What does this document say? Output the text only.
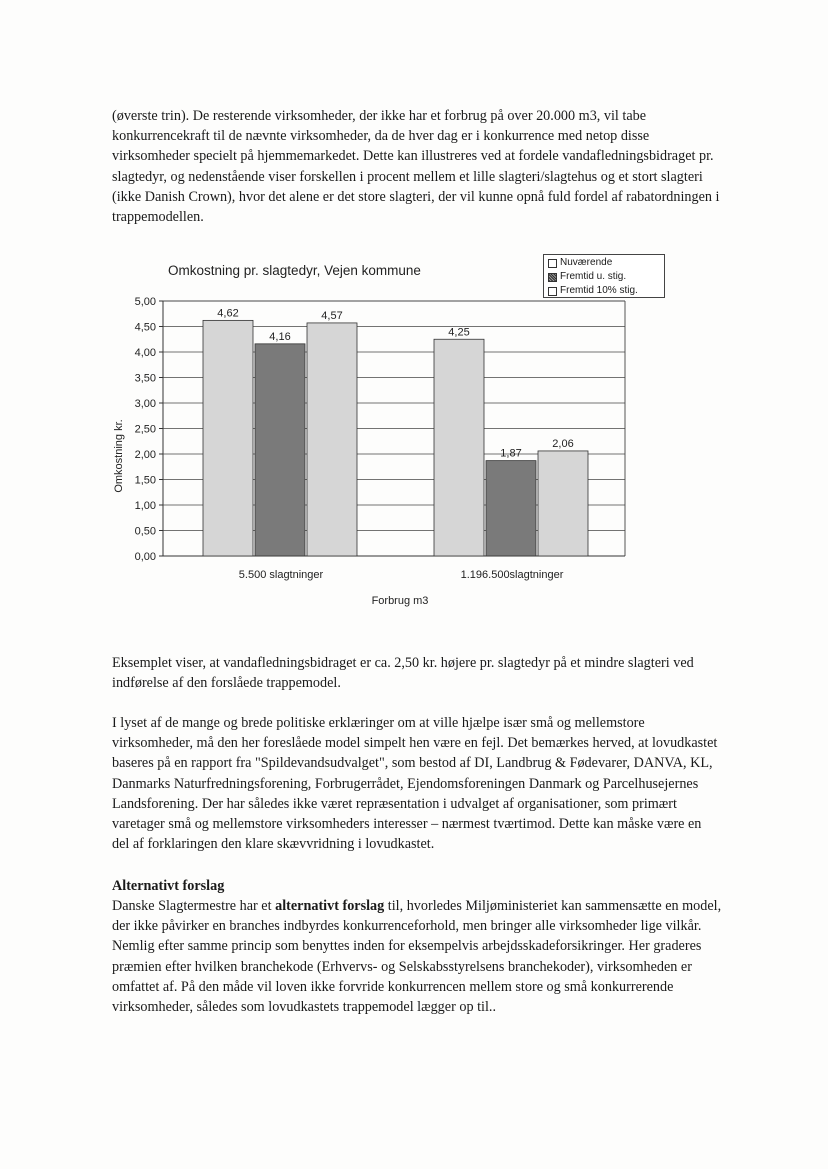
(øverste trin). De resterende virksomheder, der ikke har et forbrug på over 20.000 m3, vil tabe konkurrencekraft til de nævnte virksomheder, da de hver dag er i konkurrence med netop disse virksomheder specielt på hjemmemarkedet. Dette kan illustreres ved at fordele vandafledningsbidraget pr. slagtedyr, og nedenstående viser forskellen i procent mellem et lille slagteri/slagtehus og et stort slagteri (ikke Danish Crown), hvor det alene er det store slagteri, der vil kunne opnå fuld fordel af rabatordningen i trappemodellen.

0,00
0,50
1,00
1,50
2,00
2,50
3,00
3,50
4,00
4,50
5,00
4,62
4,16
4,57
4,25
1,87
2,06
5.500 slagtninger	1.196.500slagtninger
Omkostning pr. slagtedyr, Vejen kommune
Forbrug m3
Omkostning kr.
Nuværende
Fremtid u. stig.
Fremtid 10% stig.

Eksemplet viser, at vandafledningsbidraget er ca. 2,50 kr. højere pr. slagtedyr på et mindre slagteri ved indførelse af den forslåede trappemodel.

I lyset af de mange og brede politiske erklæringer om at ville hjælpe især små og mellemstore virksomheder, må den her foreslåede model simpelt hen være en fejl. Det bemærkes herved, at lovudkastet baseres på en rapport fra "Spildevandsudvalget", som bestod af DI, Landbrug & Fødevarer, DANVA, KL, Danmarks Naturfredningsforening, Forbrugerrådet, Ejendomsforeningen Danmark og Parcelhusejernes Landsforening. Der har således ikke været repræsentation i udvalget af organisationer, som primært varetager små og mellemstore virksomheders interesser – nærmest tværtimod. Dette kan måske være en del af forklaringen den klare skævvridning i lovudkastet.

Alternativt forslag

Danske Slagtermestre har et alternativt forslag til, hvorledes Miljøministeriet kan sammensætte en model, der ikke påvirker en branches indbyrdes konkurrenceforhold, men bringer alle virksomheder lige vilkår. Nemlig efter samme princip som benyttes inden for eksempelvis arbejdsskadeforsikringer. Her graderes præmien efter hvilken branchekode (Erhvervs- og Selskabsstyrelsens branchekoder), virksomheden er omfattet af. På den måde vil loven ikke forvride konkurrencen mellem store og små konkurrerende virksomheder, således som lovudkastets trappemodel lægger op til..
